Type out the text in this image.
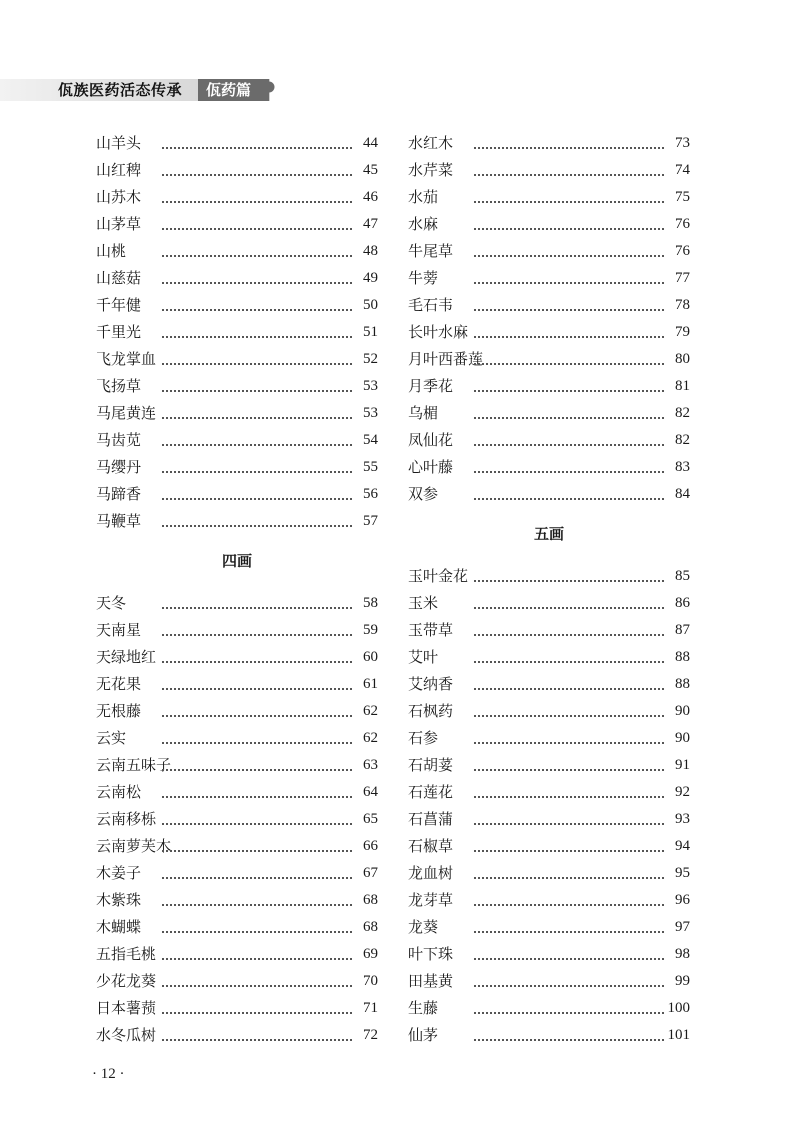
佤族医药活态传承	佤药篇
山羊头	44
山红稗	45
山苏木	46
山茅草	47
山桃	48
山慈菇	49
千年健	50
千里光	51
飞龙掌血	52
飞扬草	53
马尾黄连	53
马齿苋	54
马缨丹	55
马蹄香	56
马鞭草	57
四画
天冬	58
天南星	59
天绿地红	60
无花果	61
无根藤	62
云实	62
云南五味子	63
云南松	64
云南移栎	65
云南萝芙木	66
木姜子	67
木紫珠	68
木蝴蝶	68
五指毛桃	69
少花龙葵	70
日本薯蓣	71
水冬瓜树	72
水红木	73
水芹菜	74
水茄	75
水麻	76
牛尾草	76
牛蒡	77
毛石韦	78
长叶水麻	79
月叶西番莲	80
月季花	81
乌楣	82
凤仙花	82
心叶藤	83
双参	84
五画
玉叶金花	85
玉米	86
玉带草	87
艾叶	88
艾纳香	88
石枫药	90
石参	90
石胡荽	91
石莲花	92
石菖蒲	93
石椒草	94
龙血树	95
龙芽草	96
龙葵	97
叶下珠	98
田基黄	99
生藤	100
仙茅	101
· 12 ·
